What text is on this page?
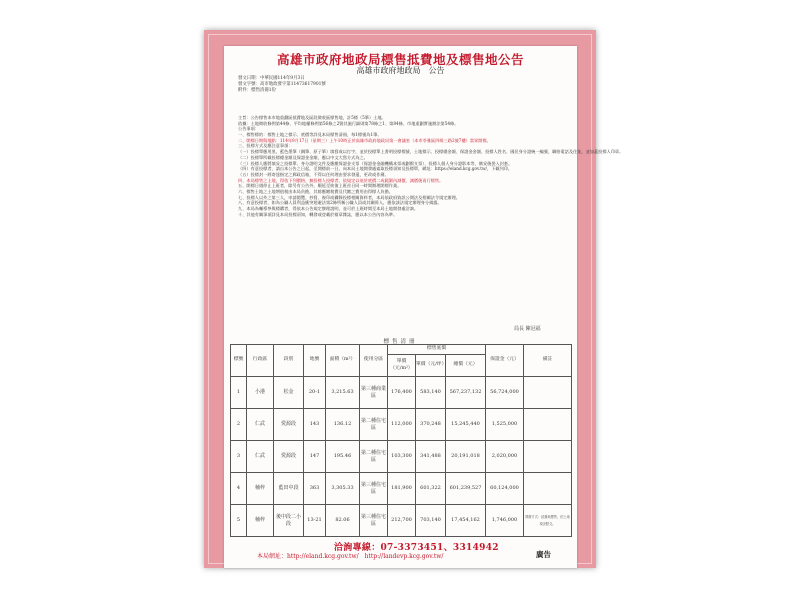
高雄市政府地政局標售抵費地及標售地公告
高雄市政府地政局　公告
發文日期：中華民國114年9月3日
發文字號：高市地政發字第11473617901號
附件：標售清冊1份
主旨：公告標售本市地重劃區抵費地及區段徵收區標售地，計5標（5筆）土地。
依據：土地徵收條例第44條、平均地權條例第56條之2暨其施行細則第78條之1、第84條、市地重劃實施辦法第54條。
公告事項：
一、標售標的：標售土地之標示、底價等詳見本局標售清冊，每1標號為1筆。
二、開標日期與地點：114年9月17日（星期三）上午10時正於高雄市政府地政局第一會議室（本市苓雅區四維三路2號7樓）當眾開標。
三、投標方式及應注意事項：
（一）投標單應用黑、藍色墨筆（鋼筆、原子筆）填寫或以打字，並於投標單上書明投標標號、土地標示、投標總金額、保證金金額、投標人姓名、國民身分證統一編號、聯絡電話及住址，並加蓋投標人印章。
（二）投標單所載投標總金額及保證金金額，應以中文大寫方式為之。
（三）投標人應將填妥之投標單、身分證明文件及應繳保證金支票（保證金金融機構本票或劃撥支票）、投標人個人身分證影本等，備妥後裝入封套。
（四）有意投標者，請自本公告之日起，至開標前一日，向本局土地開發處索取投標須知及投標單，網址：https://eland.kcg.gov.tw/，下載列印。
（五）投標封一經寄達指定之郵政信箱，不得以任何理由要求發還，更改或作廢。
四、本局標售之土地，得依下列價格，無投標人投標者，依規定以低於底價二成範圍內減價，減價後再行標售。
五、開標日遇停止上班者，除另有公告外，順延至恢復上班首日同一時間辦理開標作業。
六、標售土地之土地增值稅由本局負擔，其餘應繳稅費及代繳之費用由得標人負擔。
七、投標人以外之第三人，申請閱覽、抄寫、複印或攝錄投標相關資料者，本局依政府資訊公開法及相關法令規定辦理。
八、有意投標者，如為公職人員利益衝突迴避法第2條所稱公職人員或其關係人，應依該法規定辦理身分揭露。
九、本局為輔導參與標購者，得依本公告規定辦理說明，並可於上班時間至本局土地開發處洽詢。
十、其他有關事項詳見本局投標須知，轉發或登載於報章雜誌，應以本公告內容為準。
局長 陳冠福
標售清冊
標號	行政區	段別	地號	面積（m²）	使用分區	標售底價			保證金（元）	備註
						單價（元/m²）	單價（元/坪）	總價（元）		
1	小港	松金	20-1	3,215.63	第三種商業區	176,400	583,140	567,237,132	56,724,000	
2	仁武	愛源段	143	136.12	第二種住宅區	112,000	370,248	15,245,440	1,525,000	
3	仁武	愛源段	147	195.46	第二種住宅區	103,300	341,488	20,191,018	2,020,000	
4	楠梓	藍田中段	363	3,305.33	第三種住宅區	181,900	601,322	601,239,527	60,124,000	
5	楠梓	後中段二小段	13-21	82.06	第三種住宅區	212,700	703,140	17,454,162	1,746,000	開發方式：抵費地標售，依土地現況點交。
洽詢專線：07-3373451、3314942
本局網址：http://eland.kcg.gov.tw/　http://landevp.kcg.gov.tw/	廣告
